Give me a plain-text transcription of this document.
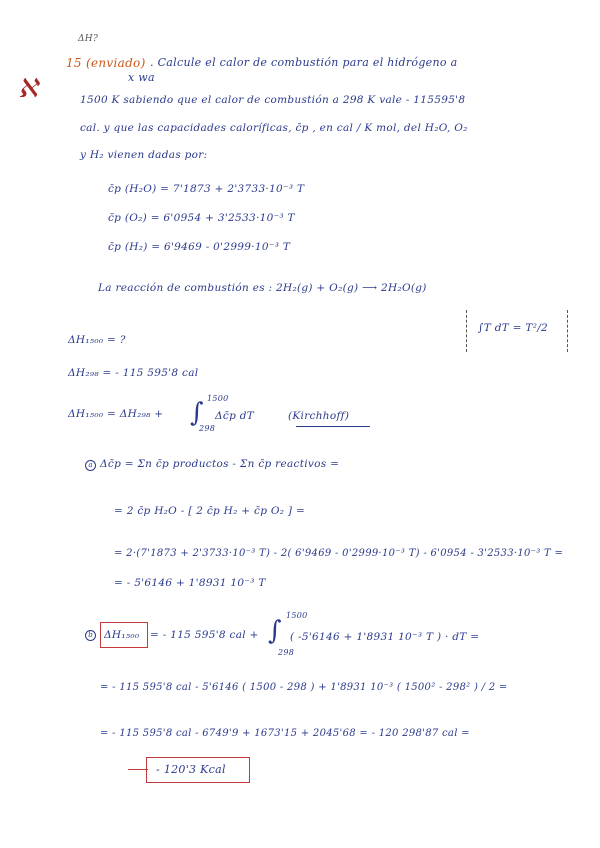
ΔH?
15 (enviado) . Calcule el calor de combustión para el hidrógeno a
x wa
ℵ	1500 K sabiendo que el calor de combustión a 298 K vale - 115595'8
cal. y que las capacidades caloríficas, c̄p , en cal / K mol, del H₂O, O₂
y H₂ vienen dadas por:
c̄p (H₂O) = 7'1873 + 2'3733·10⁻³ T
c̄p (O₂) = 6'0954 + 3'2533·10⁻³ T
c̄p (H₂) = 6'9469 - 0'2999·10⁻³ T
La reacción de combustión es : 2H₂(g) + O₂(g) ⟶ 2H₂O(g)
∫T dT = T²/2
ΔH₁₅₀₀ = ?
ΔH₂₉₈ = - 115 595'8 cal
ΔH₁₅₀₀ = ΔH₂₉₈ + ∫ 1500
298
Δc̄p dT	(Kirchhoff)
a Δc̄p = Σn c̄p productos - Σn c̄p reactivos =
= 2 c̄p H₂O - [ 2 c̄p H₂ + c̄p O₂ ] =
= 2·(7'1873 + 2'3733·10⁻³ T) - 2( 6'9469 - 0'2999·10⁻³ T) - 6'0954 - 3'2533·10⁻³ T =
= - 5'6146 + 1'8931 10⁻³ T
b	ΔH₁₅₀₀ = - 115 595'8 cal + ∫
1500
298
( -5'6146 + 1'8931 10⁻³ T ) · dT =
= - 115 595'8 cal - 5'6146 ( 1500 - 298 ) + 1'8931 10⁻³ ( 1500² - 298² ) / 2 =
= - 115 595'8 cal - 6749'9 + 1673'15 + 2045'68 = - 120 298'87 cal =
- 120'3 Kcal
